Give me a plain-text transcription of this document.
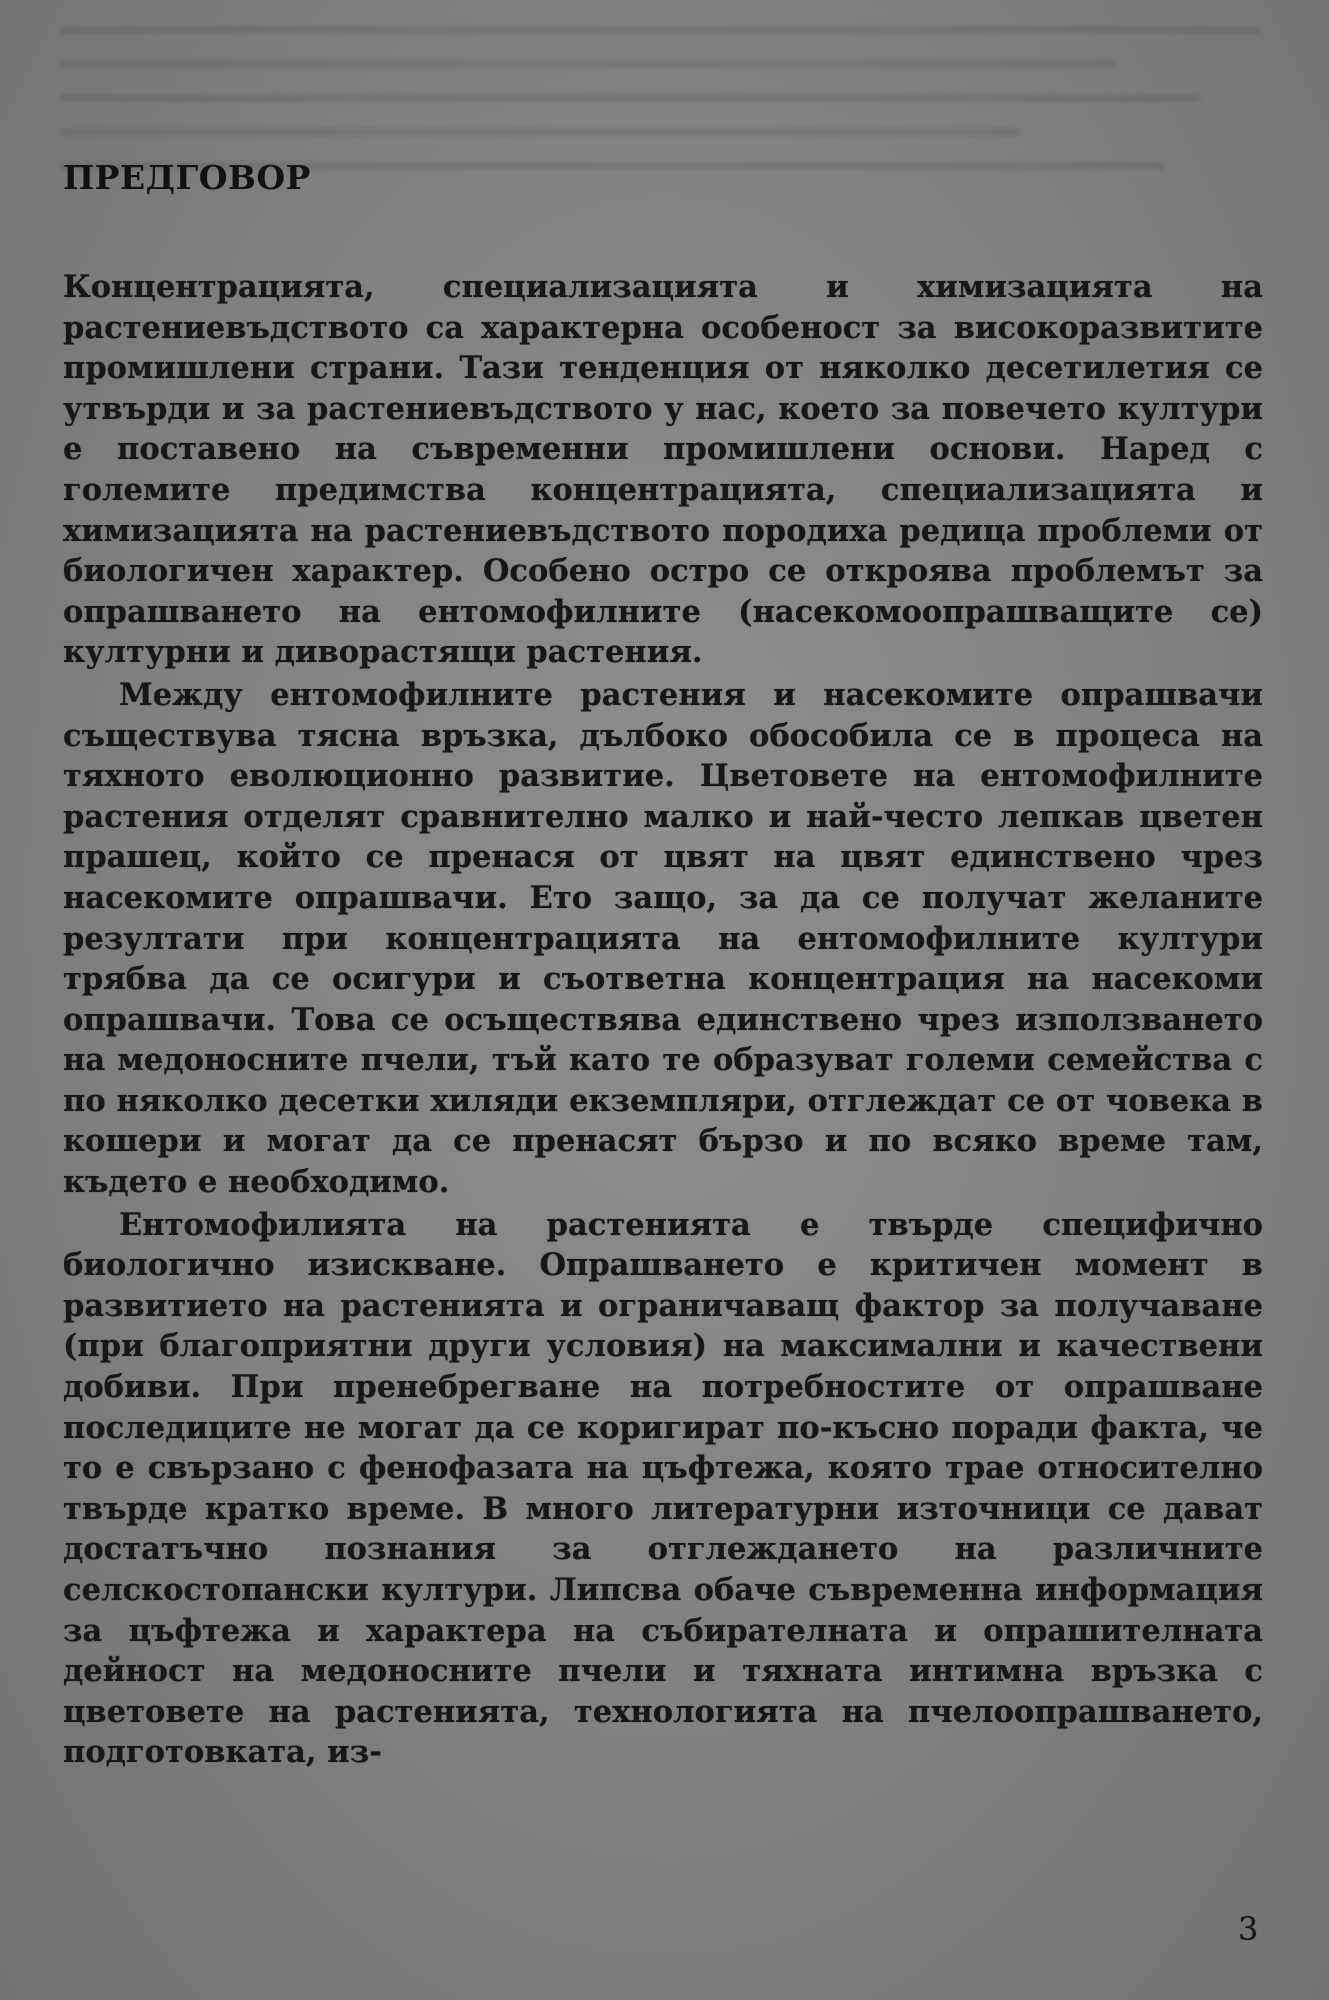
ПРЕДГОВОР

Концентрацията, специализацията и химизацията на растениевъдството са характерна особеност за високоразвитите промишлени страни. Тази тенденция от няколко десетилетия се утвърди и за растениевъдството у нас, което за повечето култури е поставено на съвременни промишлени основи. Наред с големите предимства концентрацията, специализацията и химизацията на растениевъдството породиха редица проблеми от биологичен характер. Особено остро се откроява проблемът за опрашването на ентомофилните (насекомоопрашващите се) културни и диворастящи растения.

Между ентомофилните растения и насекомите опрашвачи съществува тясна връзка, дълбоко обособила се в процеса на тяхното еволюционно развитие. Цветовете на ентомофилните растения отделят сравнително малко и най-често лепкав цветен прашец, който се пренася от цвят на цвят единствено чрез насекомите опрашвачи. Ето защо, за да се получат желаните резултати при концентрацията на ентомофилните култури трябва да се осигури и съответна концентрация на насекоми опрашвачи. Това се осъществява единствено чрез използването на медоносните пчели, тъй като те образуват големи семейства с по няколко десетки хиляди екземпляри, отглеждат се от човека в кошери и могат да се пренасят бързо и по всяко време там, където е необходимо.

Ентомофилията на растенията е твърде специфично биологично изискване. Опрашването е критичен момент в развитието на растенията и ограничаващ фактор за получаване (при благоприятни други условия) на максимални и качествени добиви. При пренебрегване на потребностите от опрашване последиците не могат да се коригират по-късно поради факта, че то е свързано с фенофазата на цъфтежа, която трае относително твърде кратко време. В много литературни източници се дават достатъчно познания за отглеждането на различните селскостопански култури. Липсва обаче съвременна информация за цъфтежа и характера на събирателната и опрашителната дейност на медоносните пчели и тяхната интимна връзка с цветовете на растенията, технологията на пчелоопрашването, подготовката, из-

3
